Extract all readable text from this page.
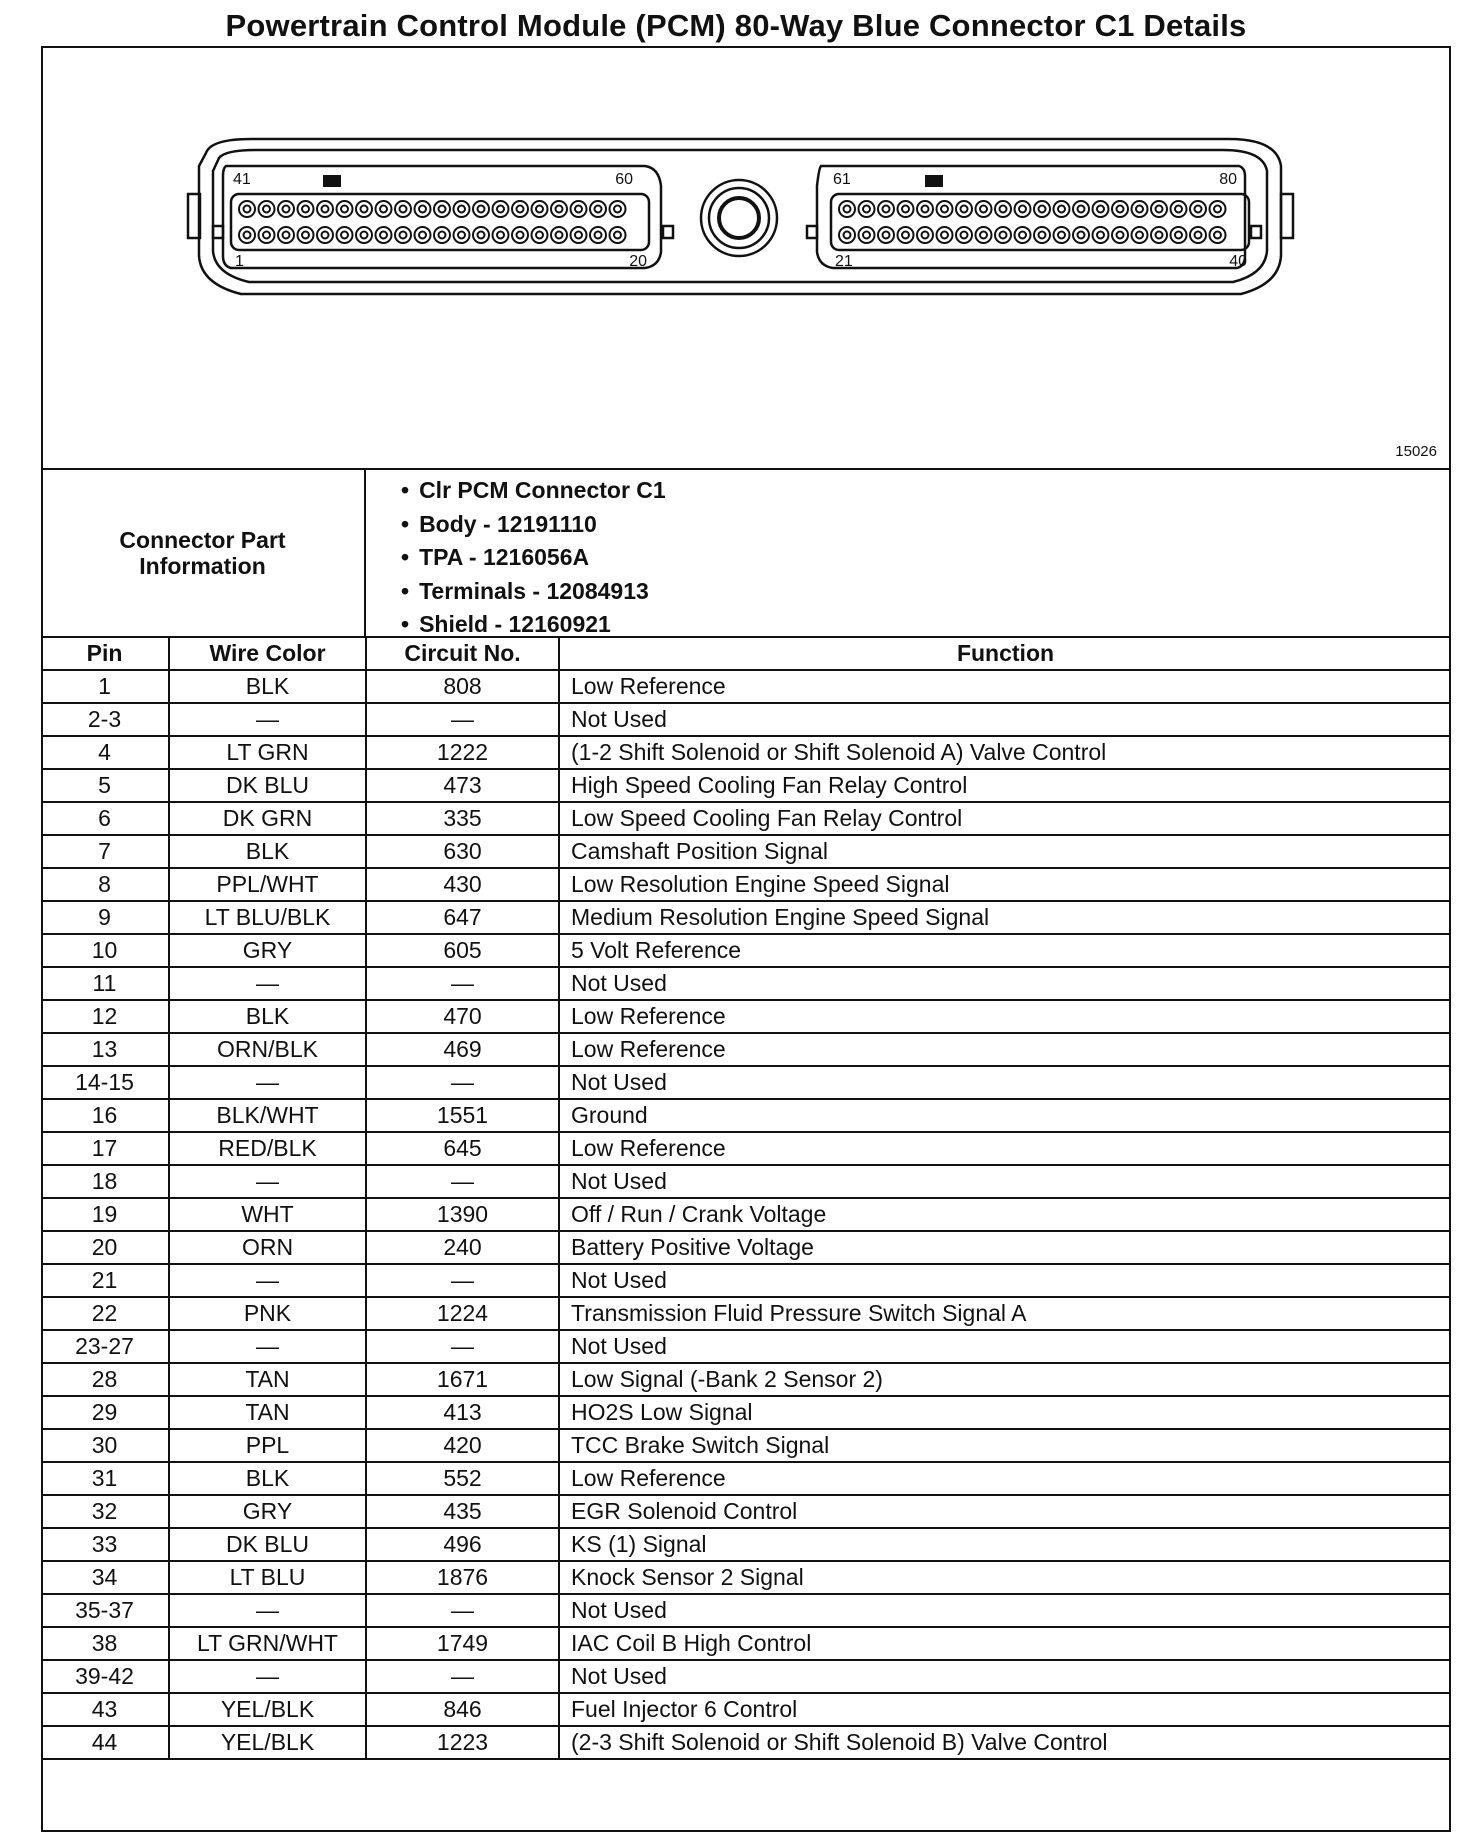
Powertrain Control Module (PCM) 80-Way Blue Connector C1 Details
41	60
1	20
61	80
21	40
15026
Connector Part Information
• Clr PCM Connector C1
• Body - 12191110
• TPA - 1216056A
• Terminals - 12084913
• Shield - 12160921
Pin	Wire Color	Circuit No.	Function
1	BLK	808	Low Reference
2-3	—	—	Not Used
4	LT GRN	1222	(1-2 Shift Solenoid or Shift Solenoid A) Valve Control
5	DK BLU	473	High Speed Cooling Fan Relay Control
6	DK GRN	335	Low Speed Cooling Fan Relay Control
7	BLK	630	Camshaft Position Signal
8	PPL/WHT	430	Low Resolution Engine Speed Signal
9	LT BLU/BLK	647	Medium Resolution Engine Speed Signal
10	GRY	605	5 Volt Reference
11	—	—	Not Used
12	BLK	470	Low Reference
13	ORN/BLK	469	Low Reference
14-15	—	—	Not Used
16	BLK/WHT	1551	Ground
17	RED/BLK	645	Low Reference
18	—	—	Not Used
19	WHT	1390	Off / Run / Crank Voltage
20	ORN	240	Battery Positive Voltage
21	—	—	Not Used
22	PNK	1224	Transmission Fluid Pressure Switch Signal A
23-27	—	—	Not Used
28	TAN	1671	Low Signal (-Bank 2 Sensor 2)
29	TAN	413	HO2S Low Signal
30	PPL	420	TCC Brake Switch Signal
31	BLK	552	Low Reference
32	GRY	435	EGR Solenoid Control
33	DK BLU	496	KS (1) Signal
34	LT BLU	1876	Knock Sensor 2 Signal
35-37	—	—	Not Used
38	LT GRN/WHT	1749	IAC Coil B High Control
39-42	—	—	Not Used
43	YEL/BLK	846	Fuel Injector 6 Control
44	YEL/BLK	1223	(2-3 Shift Solenoid or Shift Solenoid B) Valve Control
